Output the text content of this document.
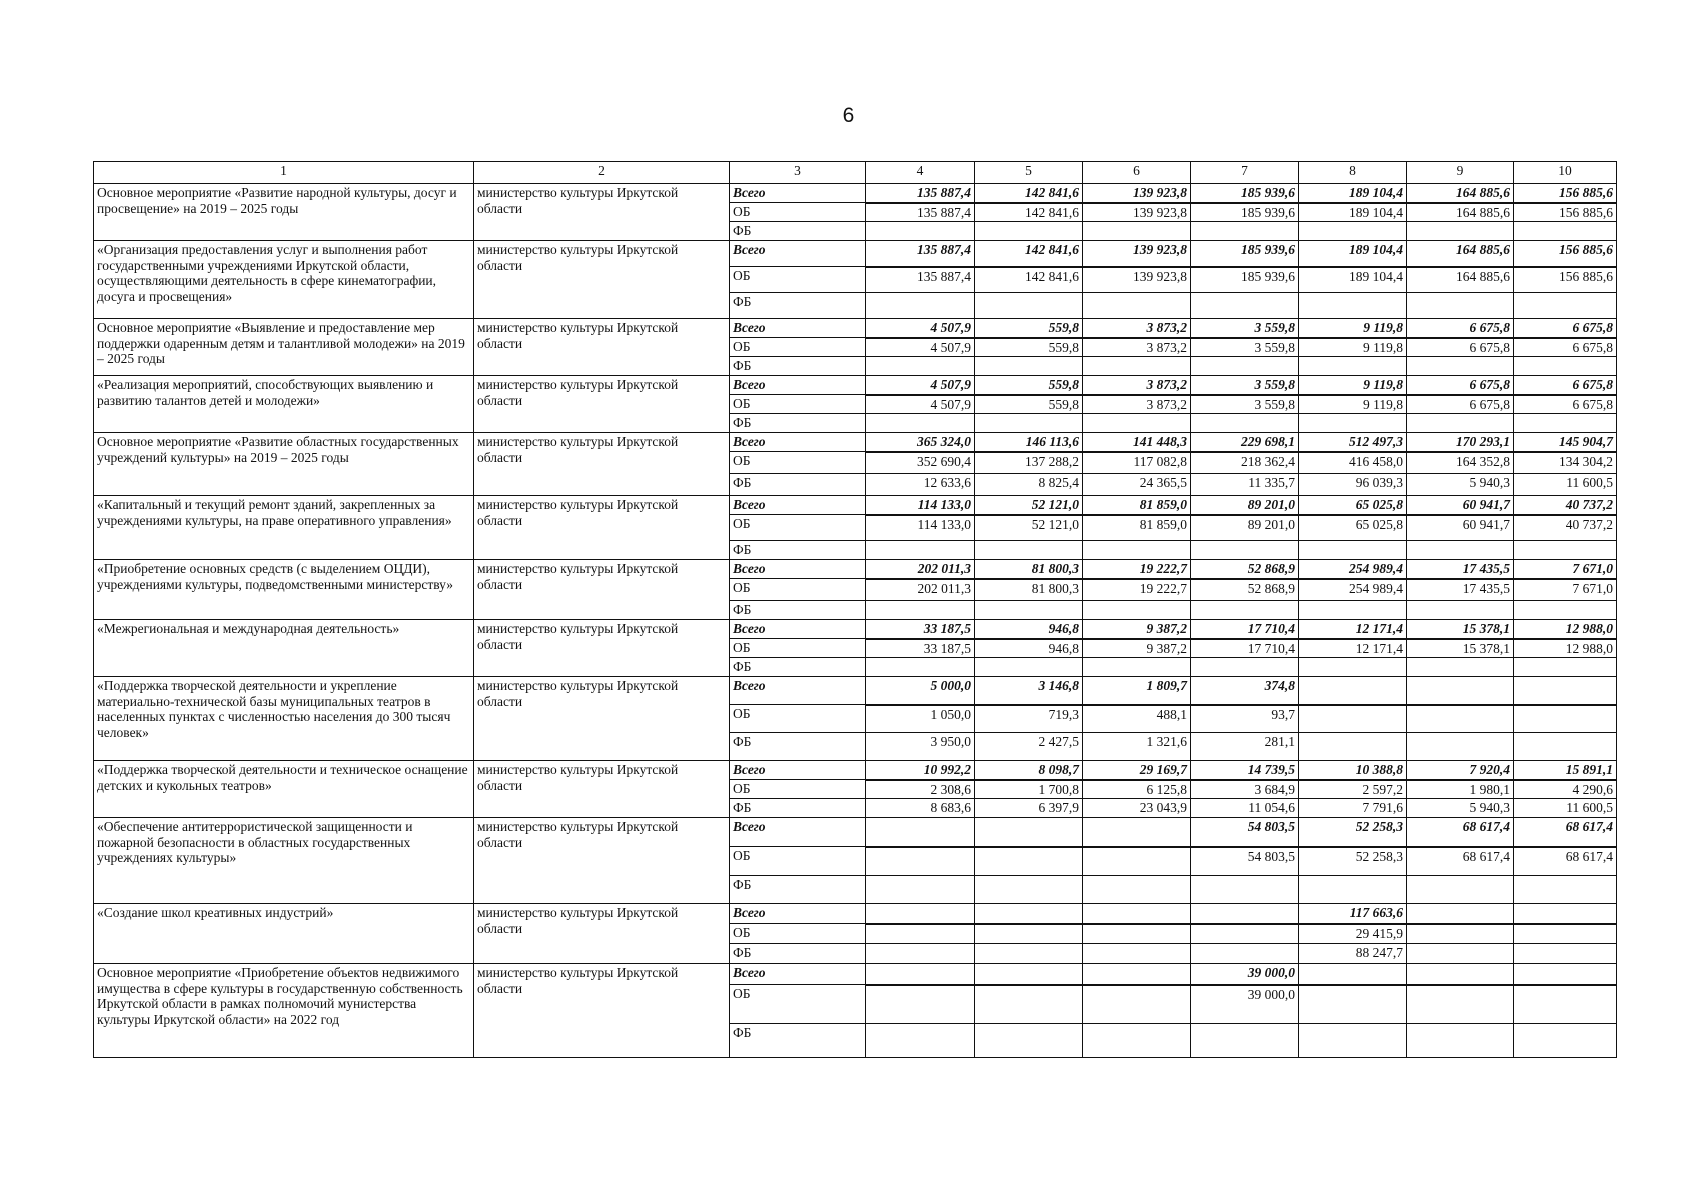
6
1	2	3	4	5	6	7	8	9	10
Основное мероприятие «Развитие народной культуры, досуг и просвещение» на 2019 – 2025 годы	министерство культуры Иркутской области	Всего	135 887,4	142 841,6	139 923,8	185 939,6	189 104,4	164 885,6	156 885,6
		ОБ	135 887,4	142 841,6	139 923,8	185 939,6	189 104,4	164 885,6	156 885,6
		ФБ							
«Организация предоставления услуг и выполнения работ государственными учреждениями Иркутской области, осуществляющими деятельность в сфере кинематографии, досуга и просвещения»	министерство культуры Иркутской области	Всего	135 887,4	142 841,6	139 923,8	185 939,6	189 104,4	164 885,6	156 885,6
		ОБ	135 887,4	142 841,6	139 923,8	185 939,6	189 104,4	164 885,6	156 885,6
		ФБ							
Основное мероприятие «Выявление и предоставление мер поддержки одаренным детям и талантливой молодежи» на 2019 – 2025 годы	министерство культуры Иркутской области	Всего	4 507,9	559,8	3 873,2	3 559,8	9 119,8	6 675,8	6 675,8
		ОБ	4 507,9	559,8	3 873,2	3 559,8	9 119,8	6 675,8	6 675,8
		ФБ							
«Реализация мероприятий, способствующих выявлению и развитию талантов детей и молодежи»	министерство культуры Иркутской области	Всего	4 507,9	559,8	3 873,2	3 559,8	9 119,8	6 675,8	6 675,8
		ОБ	4 507,9	559,8	3 873,2	3 559,8	9 119,8	6 675,8	6 675,8
		ФБ							
Основное мероприятие «Развитие областных государственных учреждений культуры» на 2019 – 2025 годы	министерство культуры Иркутской области	Всего	365 324,0	146 113,6	141 448,3	229 698,1	512 497,3	170 293,1	145 904,7
		ОБ	352 690,4	137 288,2	117 082,8	218 362,4	416 458,0	164 352,8	134 304,2
		ФБ	12 633,6	8 825,4	24 365,5	11 335,7	96 039,3	5 940,3	11 600,5
«Капитальный и текущий ремонт зданий, закрепленных за учреждениями культуры, на праве оперативного управления»	министерство культуры Иркутской области	Всего	114 133,0	52 121,0	81 859,0	89 201,0	65 025,8	60 941,7	40 737,2
		ОБ	114 133,0	52 121,0	81 859,0	89 201,0	65 025,8	60 941,7	40 737,2
		ФБ							
«Приобретение основных средств (с выделением ОЦДИ), учреждениями культуры, подведомственными министерству»	министерство культуры Иркутской области	Всего	202 011,3	81 800,3	19 222,7	52 868,9	254 989,4	17 435,5	7 671,0
		ОБ	202 011,3	81 800,3	19 222,7	52 868,9	254 989,4	17 435,5	7 671,0
		ФБ							
«Межрегиональная и международная деятельность»	министерство культуры Иркутской области	Всего	33 187,5	946,8	9 387,2	17 710,4	12 171,4	15 378,1	12 988,0
		ОБ	33 187,5	946,8	9 387,2	17 710,4	12 171,4	15 378,1	12 988,0
		ФБ							
«Поддержка творческой деятельности и укрепление материально-технической базы муниципальных театров в населенных пунктах с численностью населения до 300 тысяч человек»	министерство культуры Иркутской области	Всего	5 000,0	3 146,8	1 809,7	374,8			
		ОБ	1 050,0	719,3	488,1	93,7			
		ФБ	3 950,0	2 427,5	1 321,6	281,1			
«Поддержка творческой деятельности и техническое оснащение детских и кукольных театров»	министерство культуры Иркутской области	Всего	10 992,2	8 098,7	29 169,7	14 739,5	10 388,8	7 920,4	15 891,1
		ОБ	2 308,6	1 700,8	6 125,8	3 684,9	2 597,2	1 980,1	4 290,6
		ФБ	8 683,6	6 397,9	23 043,9	11 054,6	7 791,6	5 940,3	11 600,5
«Обеспечение антитеррористической защищенности и пожарной безопасности в областных государственных учреждениях культуры»	министерство культуры Иркутской области	Всего				54 803,5	52 258,3	68 617,4	68 617,4
		ОБ				54 803,5	52 258,3	68 617,4	68 617,4
		ФБ							
«Создание школ креативных индустрий»	министерство культуры Иркутской области	Всего					117 663,6		
		ОБ					29 415,9		
		ФБ					88 247,7		
Основное мероприятие «Приобретение объектов недвижимого имущества в сфере культуры в государственную собственность Иркутской области в рамках полномочий мунистерства культуры Иркутской области» на 2022 год	министерство культуры Иркутской области	Всего				39 000,0			
		ОБ				39 000,0			
		ФБ							
